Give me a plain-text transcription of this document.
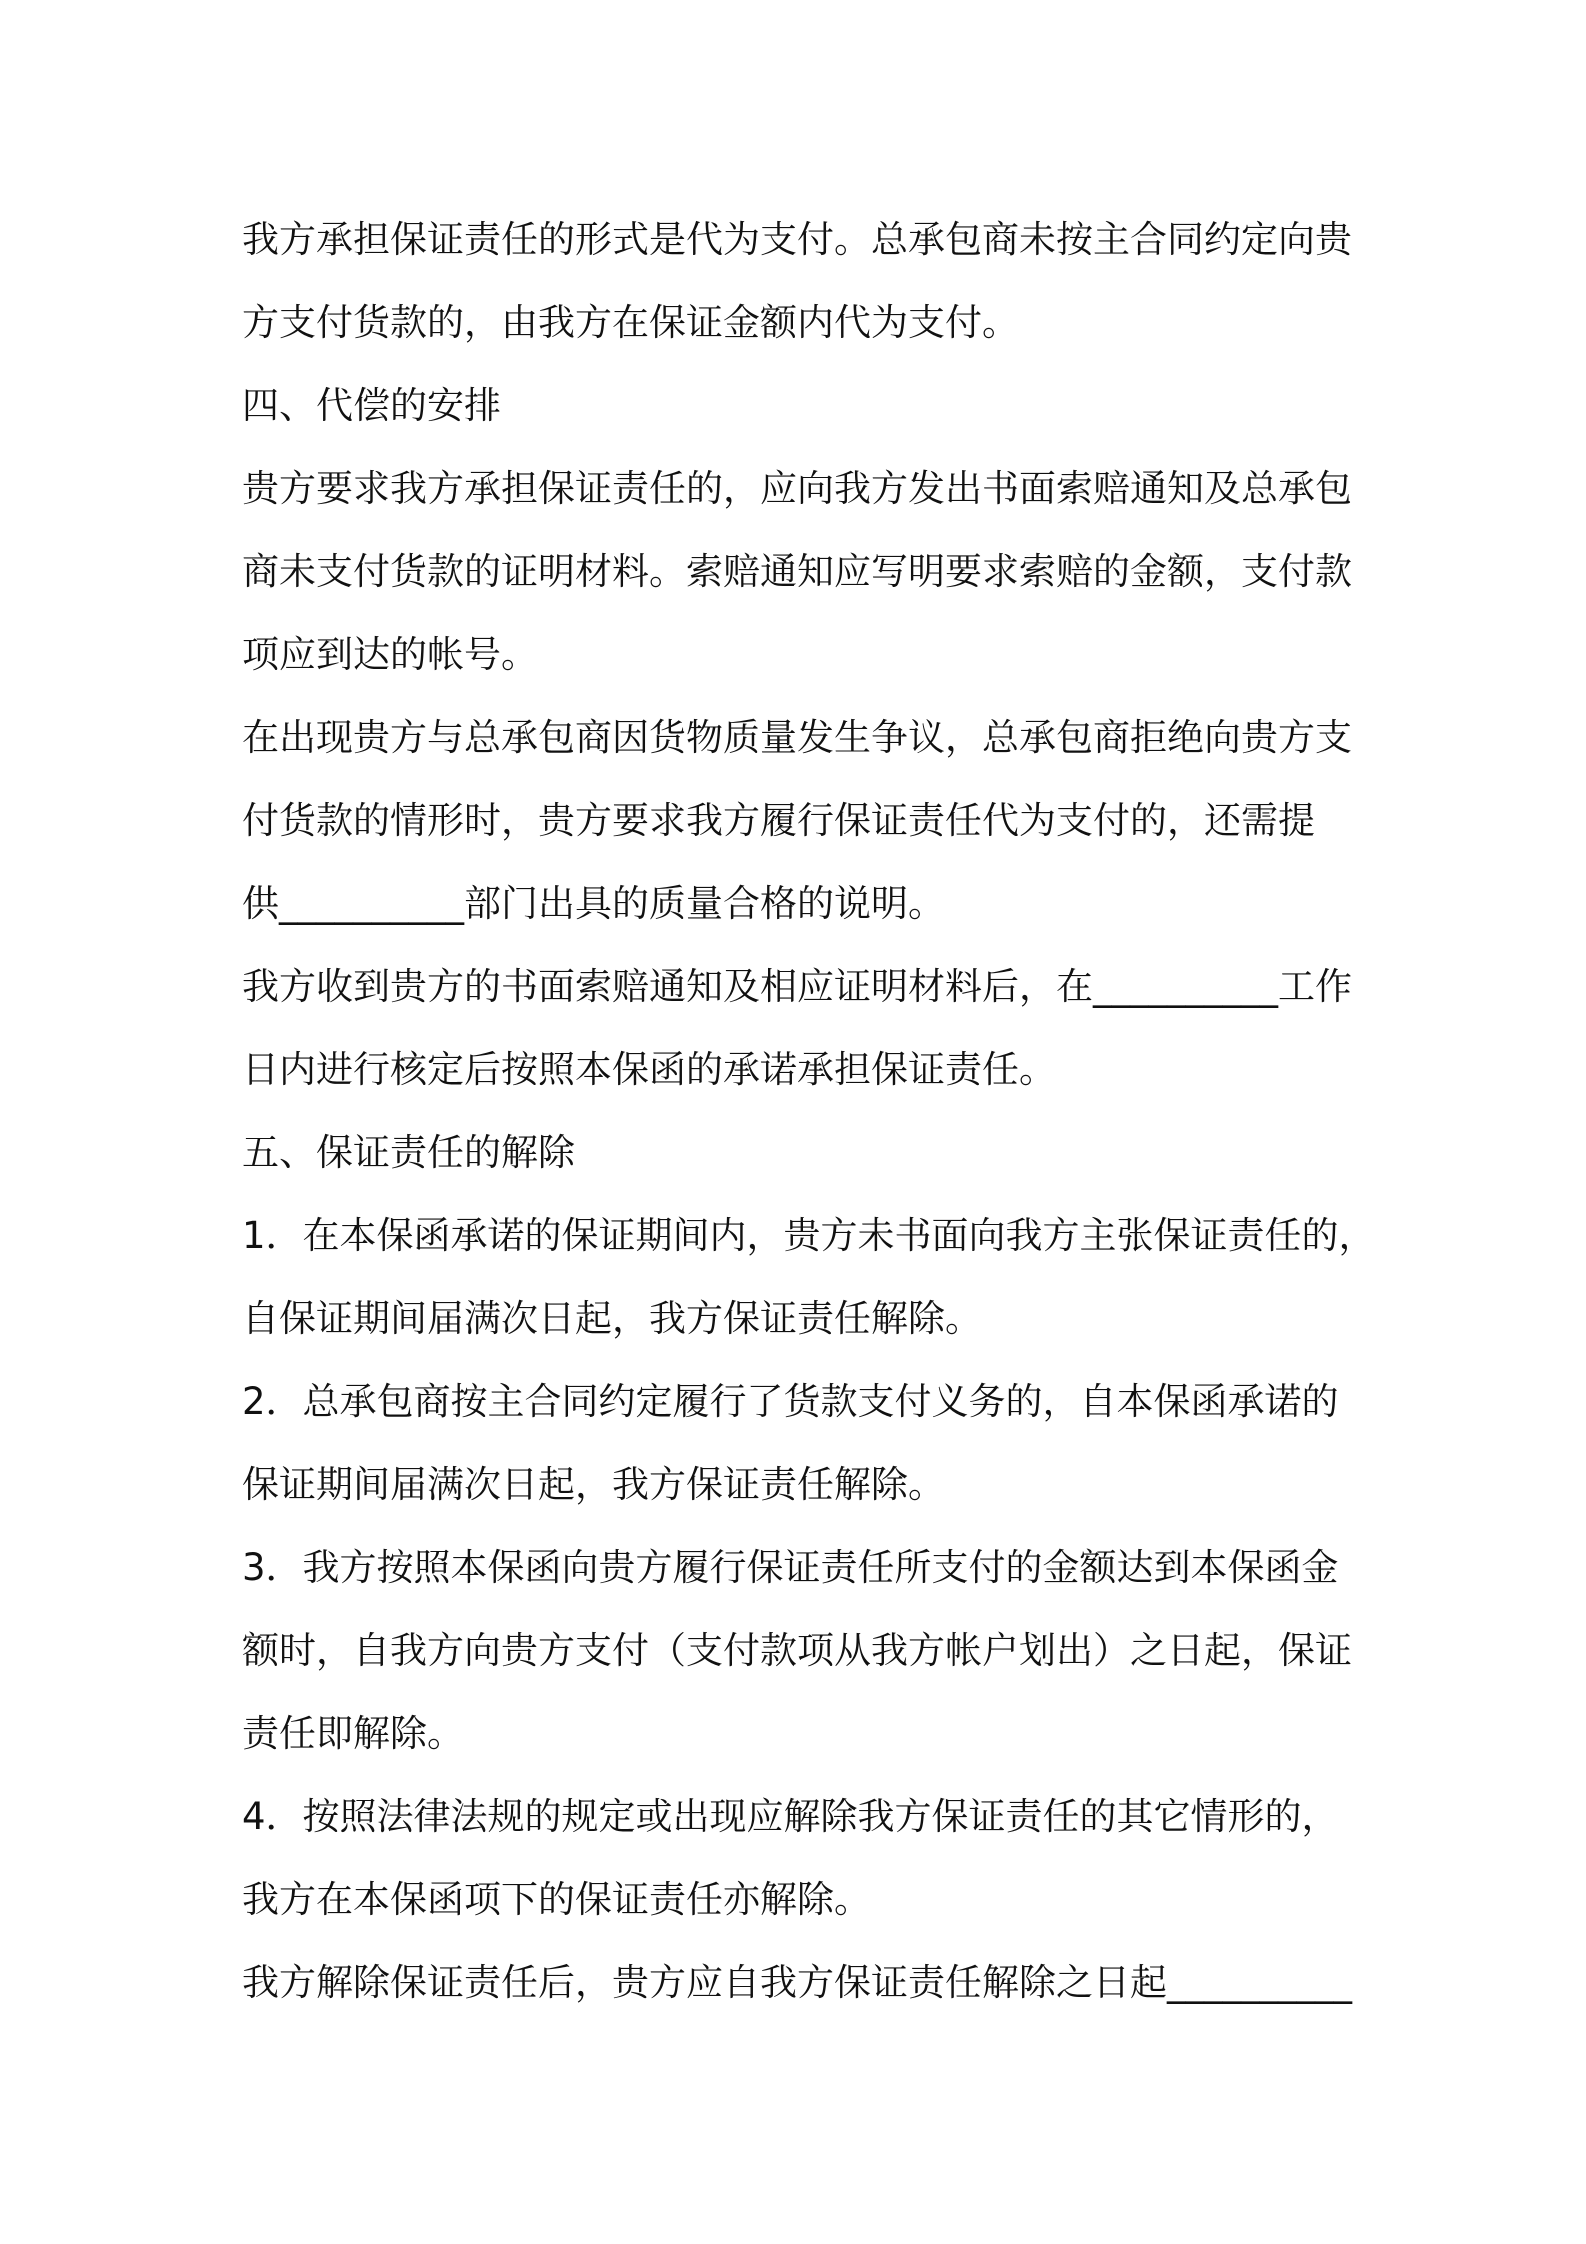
我方承担保证责任的形式是代为支付。总承包商未按主合同约定向贵
方支付货款的，由我方在保证金额内代为支付。
四、代偿的安排
贵方要求我方承担保证责任的，应向我方发出书面索赔通知及总承包
商未支付货款的证明材料。索赔通知应写明要求索赔的金额，支付款
项应到达的帐号。
在出现贵方与总承包商因货物质量发生争议，总承包商拒绝向贵方支
付货款的情形时，贵方要求我方履行保证责任代为支付的，还需提
供__________部门出具的质量合格的说明。
我方收到贵方的书面索赔通知及相应证明材料后，在__________工作
日内进行核定后按照本保函的承诺承担保证责任。
五、保证责任的解除
1．在本保函承诺的保证期间内，贵方未书面向我方主张保证责任的，
自保证期间届满次日起，我方保证责任解除。
2．总承包商按主合同约定履行了货款支付义务的，自本保函承诺的
保证期间届满次日起，我方保证责任解除。
3．我方按照本保函向贵方履行保证责任所支付的金额达到本保函金
额时，自我方向贵方支付（支付款项从我方帐户划出）之日起，保证
责任即解除。
4．按照法律法规的规定或出现应解除我方保证责任的其它情形的，
我方在本保函项下的保证责任亦解除。
我方解除保证责任后，贵方应自我方保证责任解除之日起__________
